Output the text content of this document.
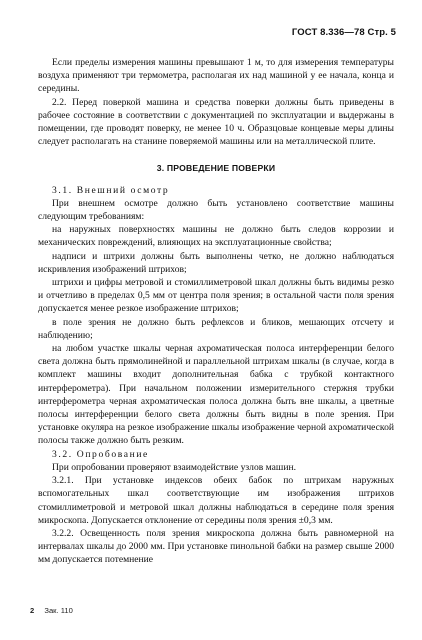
ГОСТ 8.336—78 Стр. 5

Если пределы измерения машины превышают 1 м, то для измерения температуры воздуха применяют три термометра, располагая их над машиной у ее начала, конца и середины.

2.2. Перед поверкой машина и средства поверки должны быть приведены в рабочее состояние в соответствии с документацией по эксплуатации и выдержаны в помещении, где проводят поверку, не менее 10 ч. Образцовые концевые меры длины следует располагать на станине поверяемой машины или на металлической плите.

3. ПРОВЕДЕНИЕ ПОВЕРКИ

3.1. Внешний осмотр

При внешнем осмотре должно быть установлено соответствие машины следующим требованиям:

на наружных поверхностях машины не должно быть следов коррозии и механических повреждений, влияющих на эксплуатационные свойства;

надписи и штрихи должны быть выполнены четко, не должно наблюдаться искривления изображений штрихов;

штрихи и цифры метровой и стомиллиметровой шкал должны быть видимы резко и отчетливо в пределах 0,5 мм от центра поля зрения; в остальной части поля зрения допускается менее резкое изображение штрихов;

в поле зрения не должно быть рефлексов и бликов, мешающих отсчету и наблюдению;

на любом участке шкалы черная ахроматическая полоса интерференции белого света должна быть прямолинейной и параллельной штрихам шкалы (в случае, когда в комплект машины входит дополнительная бабка с трубкой контактного интерферометра). При начальном положении измерительного стержня трубки интерферометра черная ахроматическая полоса должна быть вне шкалы, а цветные полосы интерференции белого света должны быть видны в поле зрения. При установке окуляра на резкое изображение шкалы изображение черной ахроматической полосы также должно быть резким.

3.2. Опробование

При опробовании проверяют взаимодействие узлов машин.

3.2.1. При установке индексов обеих бабок по штрихам наружных вспомогательных шкал соответствующие им изображения штрихов стомиллиметровой и метровой шкал должны наблюдаться в середине поля зрения микроскопа. Допускается отклонение от середины поля зрения ±0,3 мм.

3.2.2. Освещенность поля зрения микроскопа должна быть равномерной на интервалах шкалы до 2000 мм. При установке пинольной бабки на размер свыше 2000 мм допускается потемнение

2 Зак. 110
